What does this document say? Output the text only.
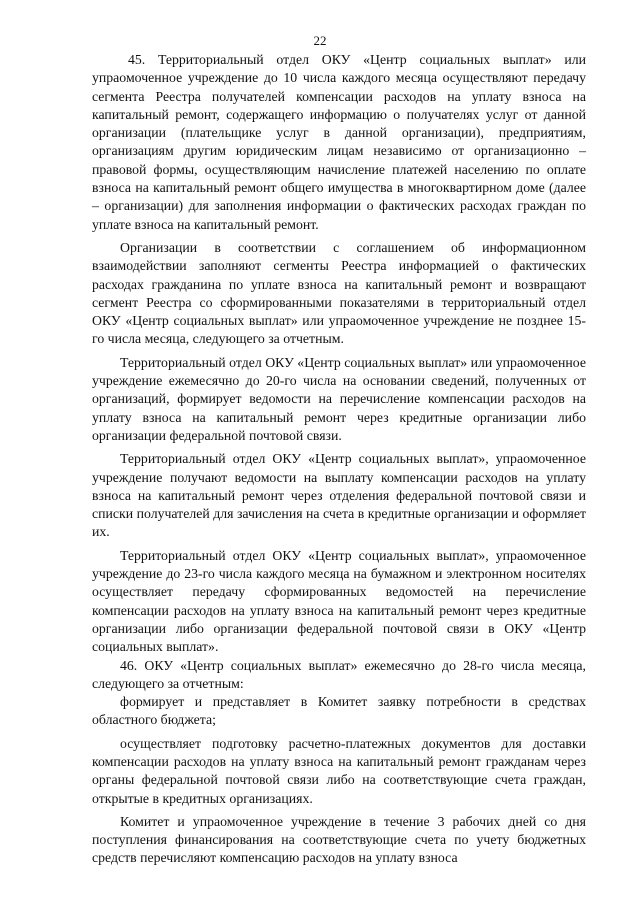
22

45. Территориальный отдел ОКУ «Центр социальных выплат» или упраомоченное учреждение до 10 числа каждого месяца осуществляют передачу сегмента Реестра получателей компенсации расходов на уплату взноса на капитальный ремонт, содержащего информацию о получателях услуг от данной организации (плательщике услуг в данной организации), предприятиям, организациям другим юридическим лицам независимо от организационно – правовой формы, осуществляющим начисление платежей населению по оплате взноса на капитальный ремонт общего имущества в многоквартирном доме (далее – организации) для заполнения информации о фактических расходах граждан по уплате взноса на капитальный ремонт.

Организации в соответствии с соглашением об информационном взаимодействии заполняют сегменты Реестра информацией о фактических расходах гражданина по уплате взноса на капитальный ремонт и возвращают сегмент Реестра со сформированными показателями в территориальный отдел ОКУ «Центр социальных выплат» или упраомоченное учреждение не позднее 15-го числа месяца, следующего за отчетным.

Территориальный отдел ОКУ «Центр социальных выплат» или упраомоченное учреждение ежемесячно до 20-го числа на основании сведений, полученных от организаций, формирует ведомости на перечисление компенсации расходов на уплату взноса на капитальный ремонт через кредитные организации либо организации федеральной почтовой связи.

Территориальный отдел ОКУ «Центр социальных выплат», упраомоченное учреждение получают ведомости на выплату компенсации расходов на уплату взноса на капитальный ремонт через отделения федеральной почтовой связи и списки получателей для зачисления на счета в кредитные организации и оформляет их.

Территориальный отдел ОКУ «Центр социальных выплат», упраомоченное учреждение до 23-го числа каждого месяца на бумажном и электронном носителях осуществляет передачу сформированных ведомостей на перечисление компенсации расходов на уплату взноса на капитальный ремонт через кредитные организации либо организации федеральной почтовой связи в ОКУ «Центр социальных выплат».

46. ОКУ «Центр социальных выплат» ежемесячно до 28-го числа месяца, следующего за отчетным:

формирует и представляет в Комитет заявку потребности в средствах областного бюджета;

осуществляет подготовку расчетно-платежных документов для доставки компенсации расходов на уплату взноса на капитальный ремонт гражданам через органы федеральной почтовой связи либо на соответствующие счета граждан, открытые в кредитных организациях.

Комитет и упраомоченное учреждение в течение 3 рабочих дней со дня поступления финансирования на соответствующие счета по учету бюджетных средств перечисляют компенсацию расходов на уплату взноса
